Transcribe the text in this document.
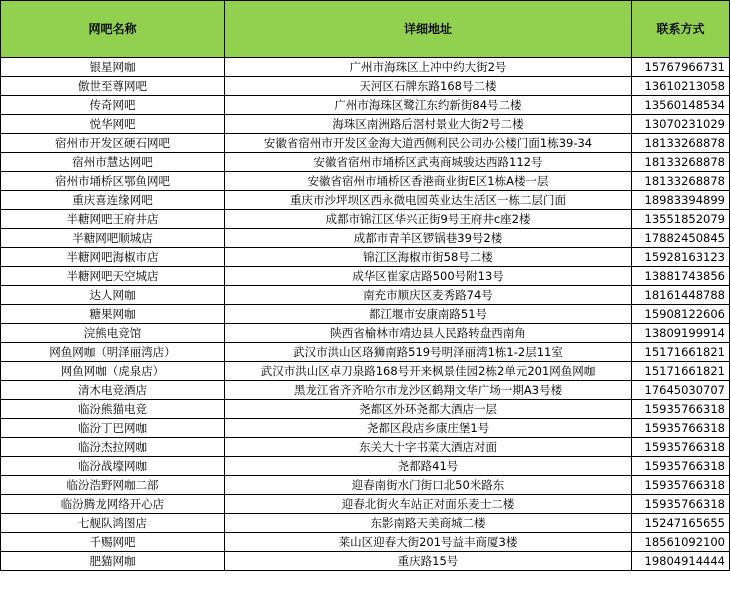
网吧名称	详细地址	联系方式
银星网咖	广州市海珠区上冲中约大街2号	15767966731
傲世至尊网吧	天河区石牌东路168号二楼	13610213058
传奇网吧	广州市海珠区鹭江东约新街84号二楼	13560148534
悦华网吧	海珠区南洲路后滘村景业大街2号二楼	13070231029
宿州市开发区硬石网吧	安徽省宿州市开发区金海大道西侧利民公司办公楼门面1栋39-34	18133268878
宿州市慧达网吧	安徽省宿州市埇桥区武夷商城骏达西路112号	18133268878
宿州市埇桥区鄂鱼网吧	安徽省宿州市埇桥区香港商业街E区1栋A楼一层	18133268878
重庆喜连缘网吧	重庆市沙坪坝区西永微电园英业达生活区一栋二层门面	18983394899
半糖网吧王府井店	成都市锦江区华兴正街9号王府井c座2楼	13551852079
半糖网吧顺城店	成都市青羊区锣锅巷39号2楼	17882450845
半糖网吧海椒市店	锦江区海椒市街58号二楼	15928163123
半糖网吧天空城店	成华区崔家店路500号附13号	13881743856
达人网咖	南充市顺庆区麦秀路74号	18161448788
糖果网咖	都江堰市安康南路51号	15908122606
浣熊电竞馆	陕西省榆林市靖边县人民路转盘西南角	13809199914
网鱼网咖（明泽丽湾店）	武汉市洪山区珞狮南路519号明泽丽湾1栋1-2层11室	15171661821
网鱼网咖（虎泉店）	武汉市洪山区卓刀泉路168号开来枫景佳园2栋2单元201网鱼网咖	15171661821
清木电竞酒店	黑龙江省齐齐哈尔市龙沙区鹤翔文华广场一期A3号楼	17645030707
临汾熊猫电竞	尧都区外环尧都大酒店一层	15935766318
临汾丁巴网咖	尧都区段店乡康庄堡1号	15935766318
临汾杰拉网咖	东关大十字书菜大酒店对面	15935766318
临汾战壕网咖	尧都路41号	15935766318
临汾浩野网咖二部	迎春南街水门街口北50米路东	15935766318
临汾腾龙网络开心店	迎春北街火车站正对面乐麦士二楼	15935766318
七舰队鸿图店	东影南路天美商城二楼	15247165655
千赐网吧	莱山区迎春大街201号益丰商厦3楼	18561092100
肥猫网咖	重庆路15号	19804914444
